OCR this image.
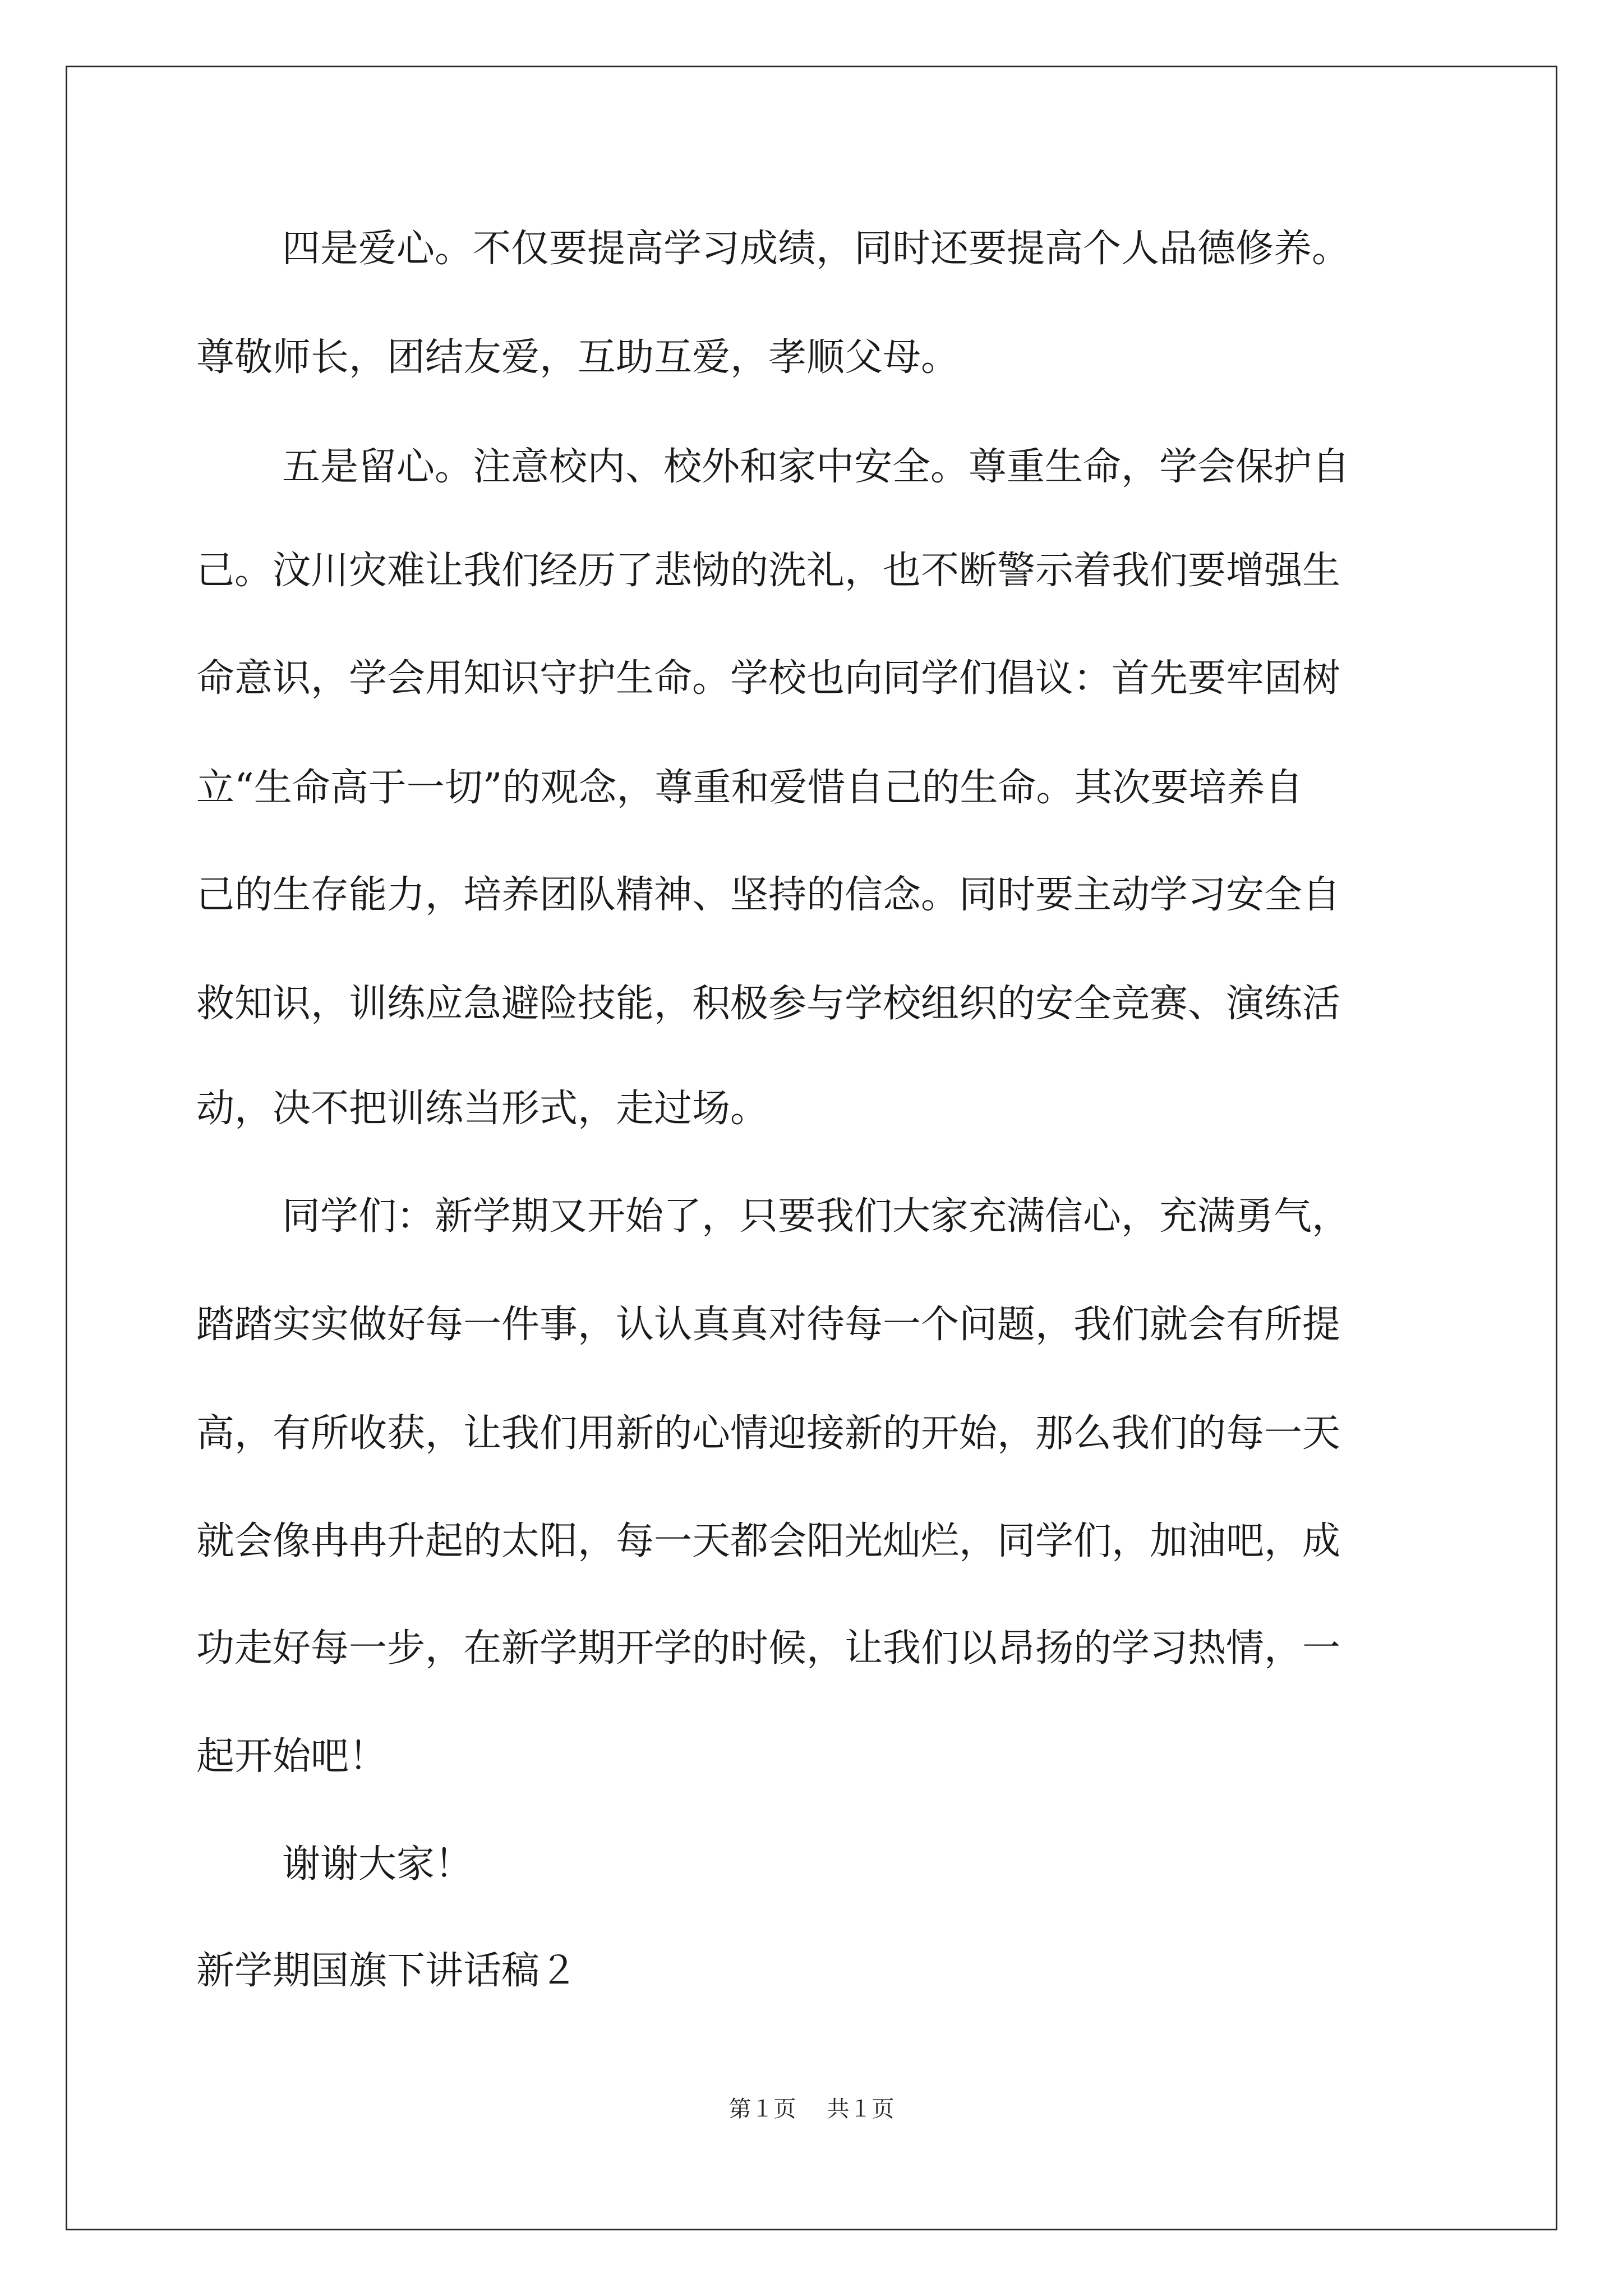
四是爱心。不仅要提高学习成绩，同时还要提高个人品德修养。
尊敬师长，团结友爱，互助互爱，孝顺父母。
五是留心。注意校内、校外和家中安全。尊重生命，学会保护自
己。汶川灾难让我们经历了悲恸的洗礼，也不断警示着我们要增强生
命意识，学会用知识守护生命。学校也向同学们倡议：首先要牢固树
立“生命高于一切”的观念，尊重和爱惜自己的生命。其次要培养自
己的生存能力，培养团队精神、坚持的信念。同时要主动学习安全自
救知识，训练应急避险技能，积极参与学校组织的安全竞赛、演练活
动，决不把训练当形式，走过场。
同学们：新学期又开始了，只要我们大家充满信心，充满勇气，
踏踏实实做好每一件事，认认真真对待每一个问题，我们就会有所提
高，有所收获，让我们用新的心情迎接新的开始，那么我们的每一天
就会像冉冉升起的太阳，每一天都会阳光灿烂，同学们，加油吧，成
功走好每一步，在新学期开学的时候，让我们以昂扬的学习热情，一
起开始吧！
谢谢大家！
新学期国旗下讲话稿２
第１页 共１页
